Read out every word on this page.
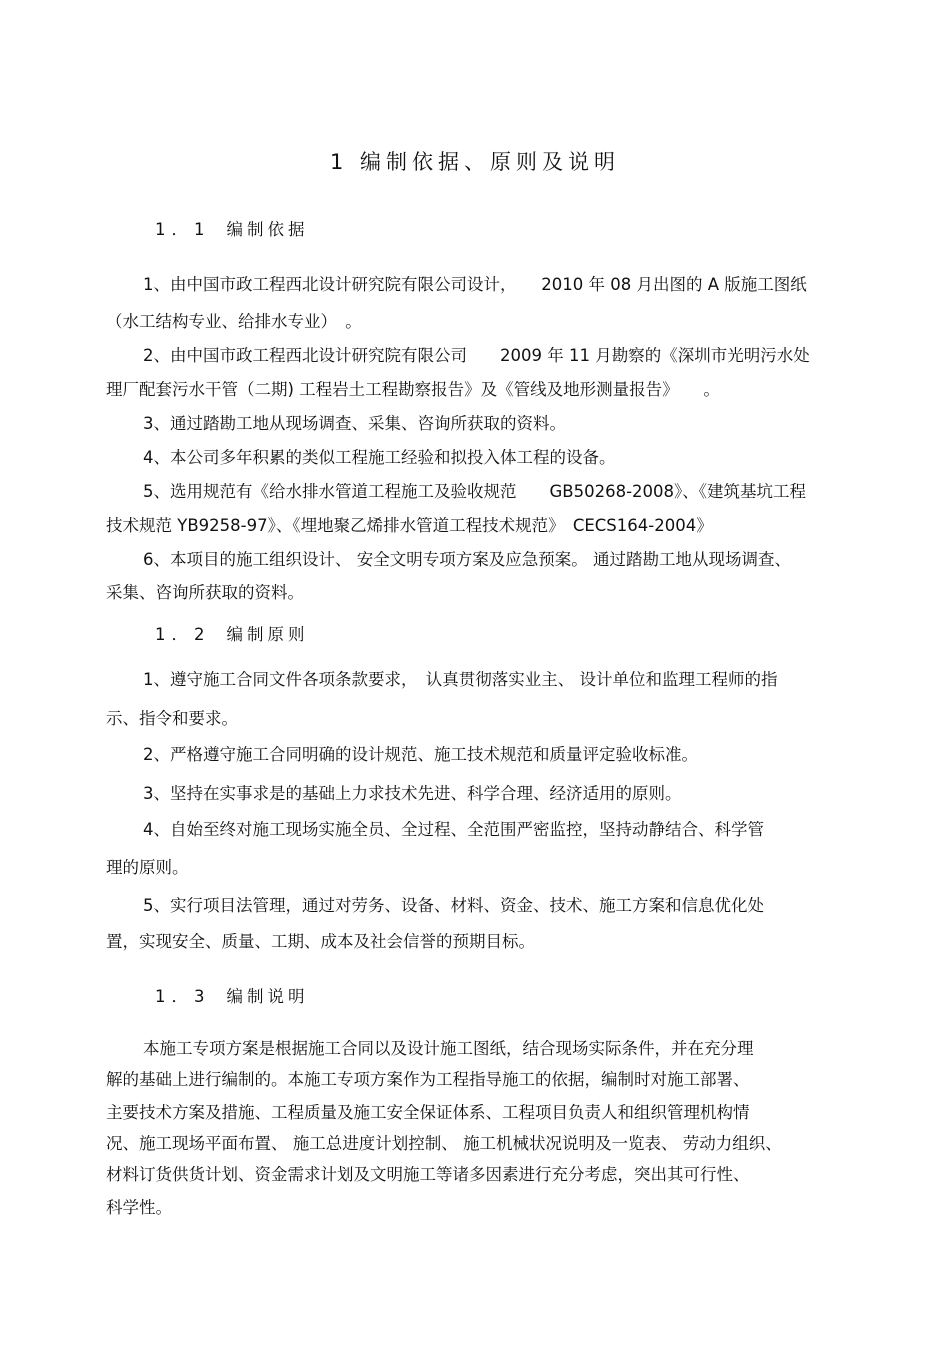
1 编制依据、原则及说明
1．1 编制依据
1、由中国市政工程西北设计研究院有限公司设计，　　2010 年 08 月出图的 A 版施工图纸
（水工结构专业、给排水专业）　。
2、由中国市政工程西北设计研究院有限公司　　2009 年 11 月勘察的《深圳市光明污水处
理厂配套污水干管（二期) 工程岩土工程勘察报告》及《管线及地形测量报告》　　。
3、通过踏勘工地从现场调查、采集、咨询所获取的资料。
4、本公司多年积累的类似工程施工经验和拟投入体工程的设备。
5、选用规范有《给水排水管道工程施工及验收规范　　GB50268-2008》、《建筑基坑工程
技术规范 YB9258-97》、《埋地聚乙烯排水管道工程技术规范》　CECS164-2004》
6、本项目的施工组织设计、 安全文明专项方案及应急预案。 通过踏勘工地从现场调查、
采集、咨询所获取的资料。
1．2 编制原则
1、遵守施工合同文件各项条款要求，　认真贯彻落实业主、 设计单位和监理工程师的指
示、指令和要求。
2、严格遵守施工合同明确的设计规范、施工技术规范和质量评定验收标准。
3、坚持在实事求是的基础上力求技术先进、科学合理、经济适用的原则。
4、自始至终对施工现场实施全员、全过程、全范围严密监控，坚持动静结合、科学管
理的原则。
5、实行项目法管理，通过对劳务、设备、材料、资金、技术、施工方案和信息优化处
置，实现安全、质量、工期、成本及社会信誉的预期目标。
1．3 编制说明
本施工专项方案是根据施工合同以及设计施工图纸，结合现场实际条件，并在充分理
解的基础上进行编制的。本施工专项方案作为工程指导施工的依据，编制时对施工部署、
主要技术方案及措施、工程质量及施工安全保证体系、工程项目负责人和组织管理机构情
况、施工现场平面布置、 施工总进度计划控制、 施工机械状况说明及一览表、 劳动力组织、
材料订货供货计划、资金需求计划及文明施工等诸多因素进行充分考虑，突出其可行性、
科学性。
